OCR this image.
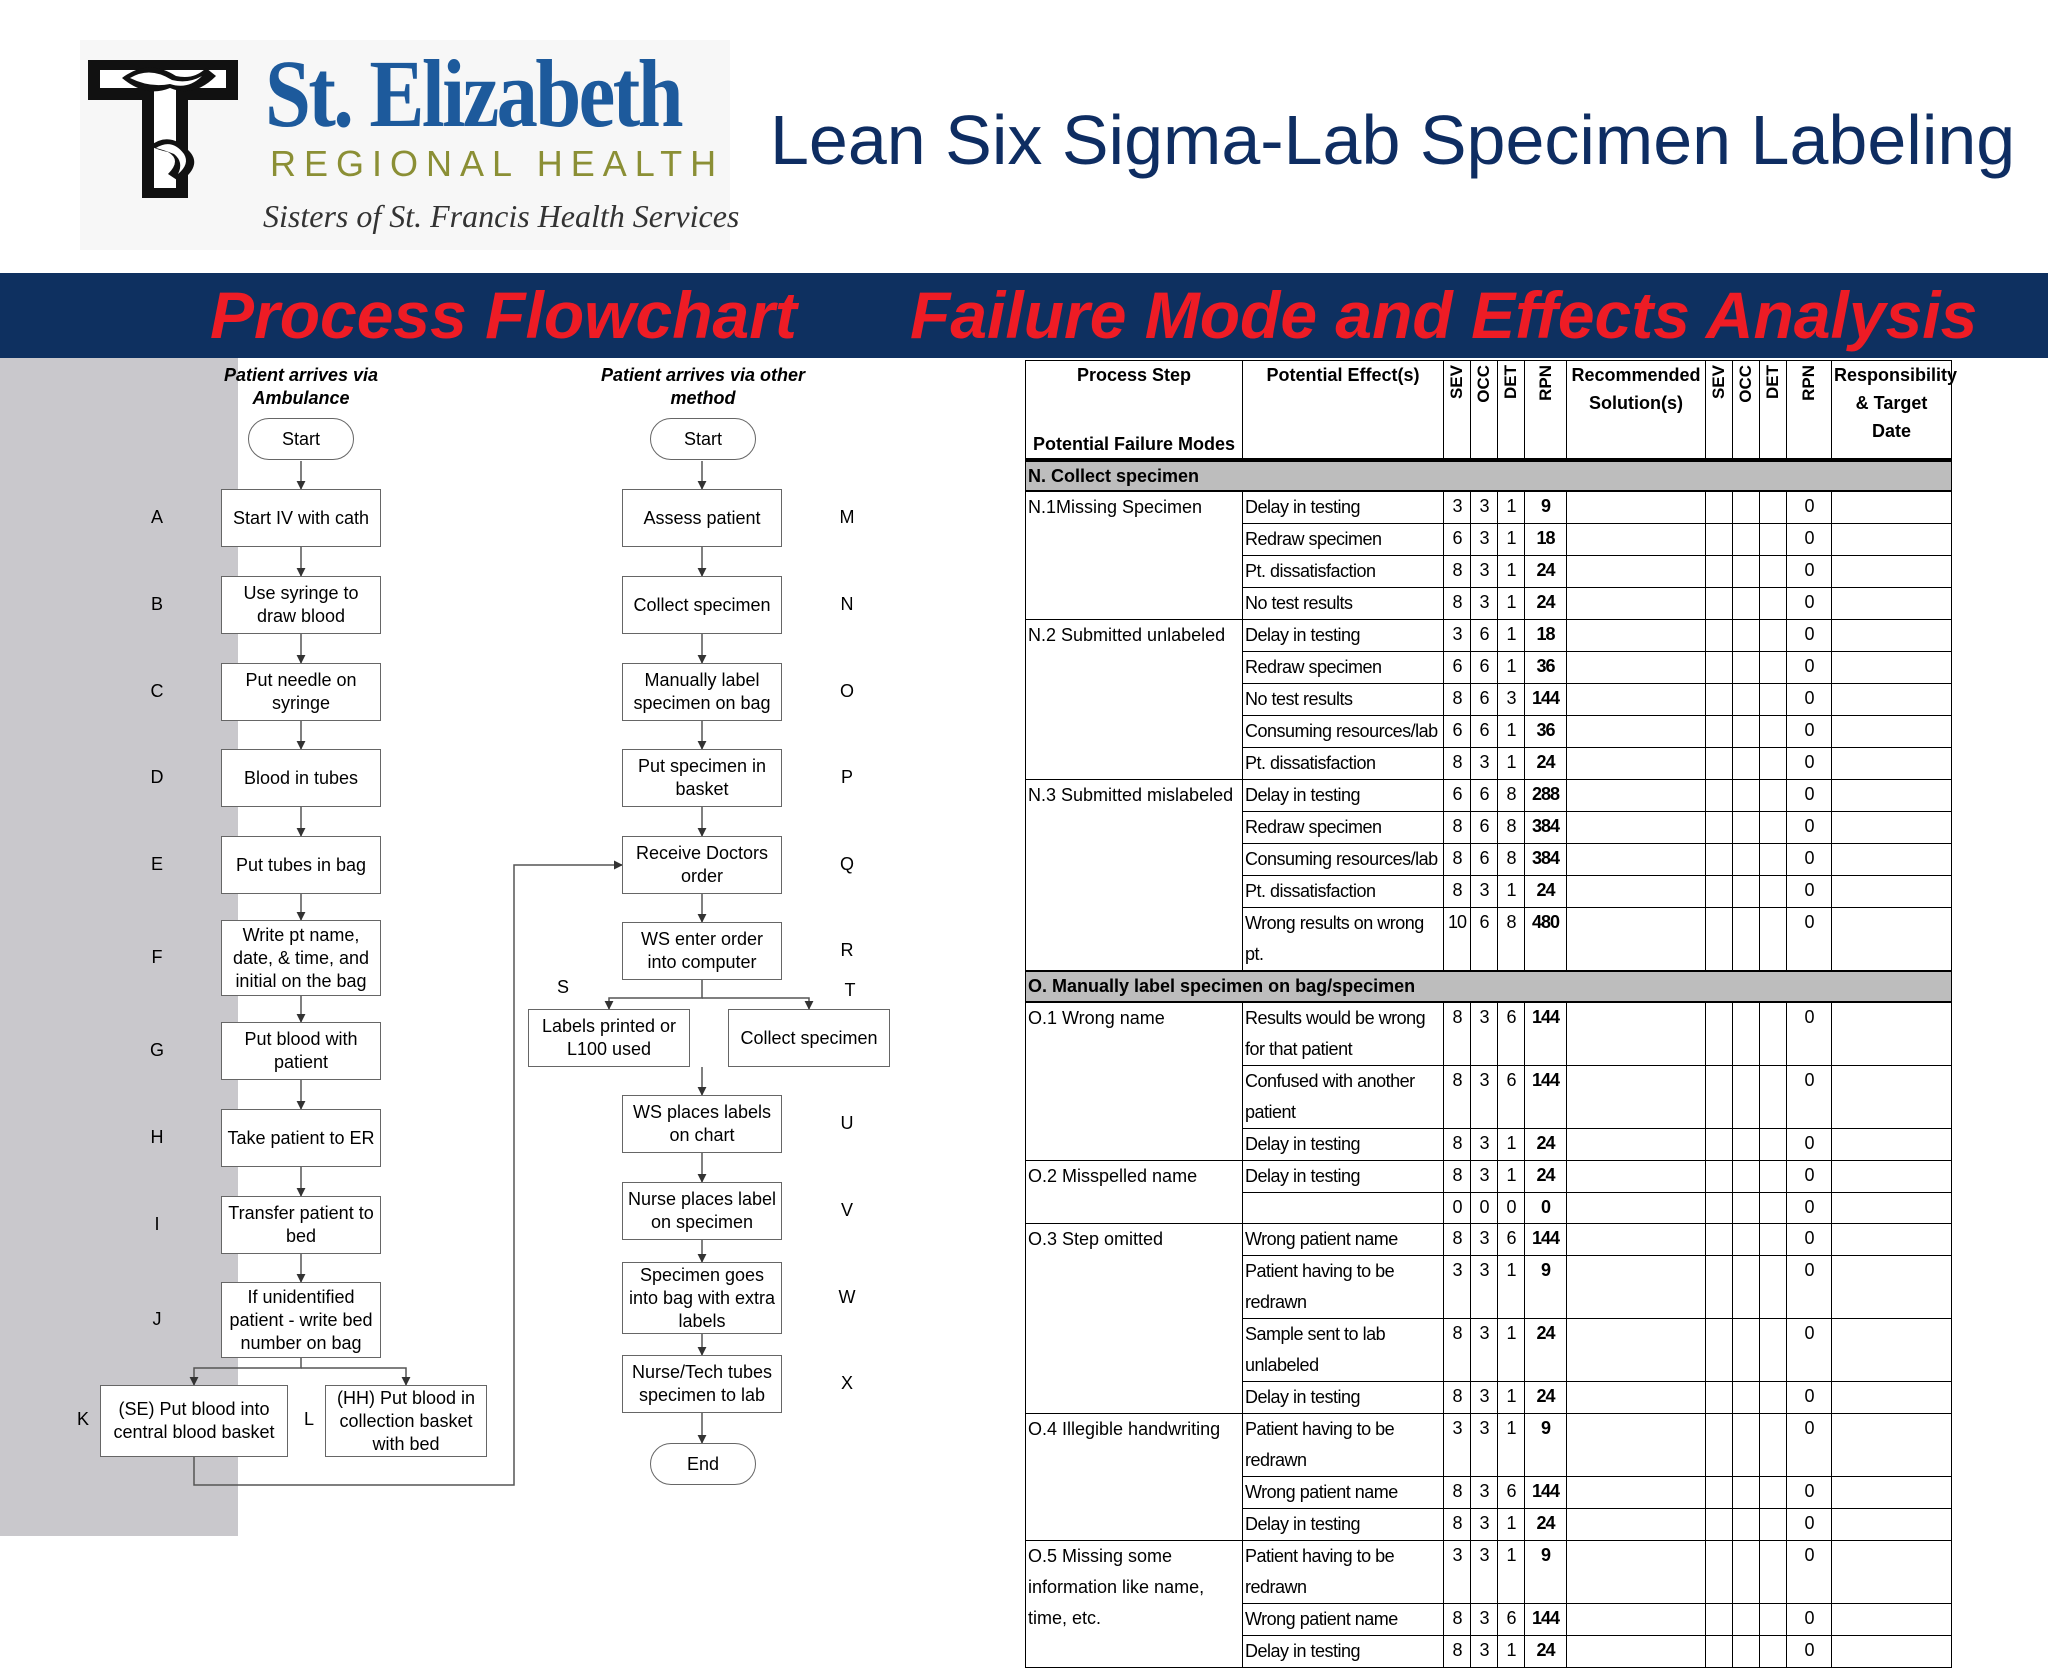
St. Elizabeth
REGIONAL HEALTH
Sisters of St. Francis Health Services
Lean Six Sigma-Lab Specimen Labeling
Process Flowchart Failure Mode and Effects Analysis
Patient arrives via Ambulance
Patient arrives via other method
Start	Start
End
Start IV with cath
Use syringe to draw blood
Put needle on syringe
Blood in tubes
Put tubes in bag
Write pt name, date, & time, and initial on the bag
Put blood with patient
Take patient to ER
Transfer patient to bed
If unidentified patient - write bed number on bag
(SE) Put blood into central blood basket
(HH) Put blood in collection basket with bed
Assess patient
Collect specimen
Manually label specimen on bag
Put specimen in basket
Receive Doctors order
WS enter order into computer
Labels printed or L100 used
Collect specimen
WS places labels on chart
Nurse places label on specimen
Specimen goes into bag with extra labels
Nurse/Tech tubes specimen to lab
A
B
C
D
E
F
G
H
I
J
K	L
M
N
O
P
Q
R
S	T
U
V
W
X
Process Step
Potential Failure Modes	Potential Effect(s)	SEV	OCC	DET	RPN	Recommended Solution(s)	SEV	OCC	DET	RPN	Responsibility & Target Date
N. Collect specimen											
N.1Missing Specimen	Delay in testing	3	3	1	9					0	
	Redraw specimen	6	3	1	18					0	
	Pt. dissatisfaction	8	3	1	24					0	
	No test results	8	3	1	24					0	
N.2 Submitted unlabeled	Delay in testing	3	6	1	18					0	
	Redraw specimen	6	6	1	36					0	
	No test results	8	6	3	144					0	
	Consuming resources/lab	6	6	1	36					0	
	Pt. dissatisfaction	8	3	1	24					0	
N.3 Submitted mislabeled	Delay in testing	6	6	8	288					0	
	Redraw specimen	8	6	8	384					0	
	Consuming resources/lab	8	6	8	384					0	
	Pt. dissatisfaction	8	3	1	24					0	
	Wrong results on wrong pt.	10	6	8	480					0	
O. Manually label specimen on bag/specimen											
O.1 Wrong name	Results would be wrong for that patient	8	3	6	144					0	
	Confused with another patient	8	3	6	144					0	
	Delay in testing	8	3	1	24					0	
O.2 Misspelled name	Delay in testing	8	3	1	24					0	
		0	0	0	0					0	
O.3 Step omitted	Wrong patient name	8	3	6	144					0	
	Patient having to be redrawn	3	3	1	9					0	
	Sample sent to lab unlabeled	8	3	1	24					0	
	Delay in testing	8	3	1	24					0	
O.4 Illegible handwriting	Patient having to be redrawn	3	3	1	9					0	
	Wrong patient name	8	3	6	144					0	
	Delay in testing	8	3	1	24					0	
O.5 Missing some information like name, time, etc.	Patient having to be redrawn	3	3	1	9					0	
	Wrong patient name	8	3	6	144					0	
	Delay in testing	8	3	1	24					0	
